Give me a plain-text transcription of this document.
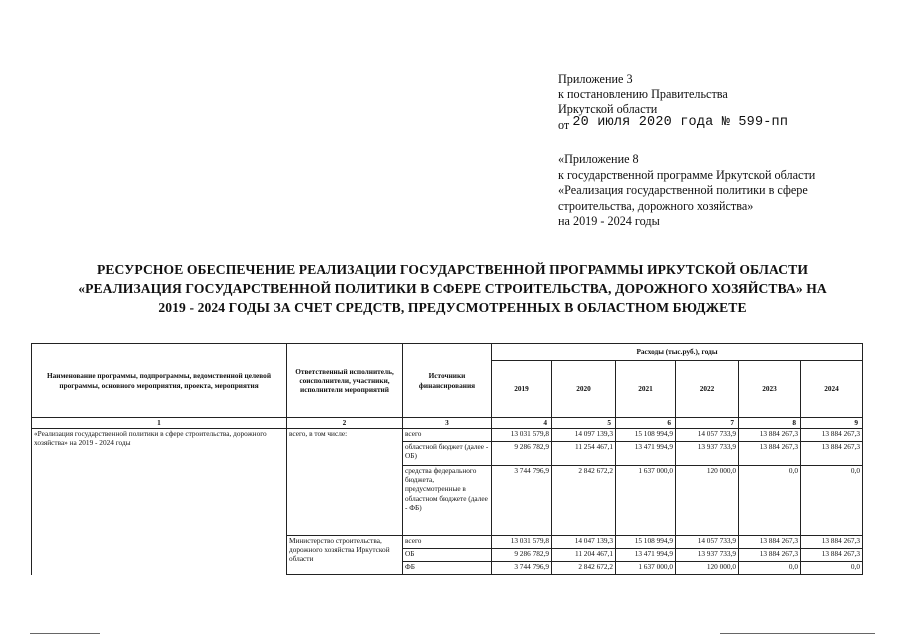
Приложение 3
к постановлению Правительства
Иркутской области
от 20 июля 2020 года № 599-пп
«Приложение 8
к государственной программе Иркутской области
«Реализация государственной политики в сфере
строительства, дорожного хозяйства»
на 2019 - 2024 годы
РЕСУРСНОЕ ОБЕСПЕЧЕНИЕ РЕАЛИЗАЦИИ ГОСУДАРСТВЕННОЙ ПРОГРАММЫ ИРКУТСКОЙ ОБЛАСТИ
«РЕАЛИЗАЦИЯ ГОСУДАРСТВЕННОЙ ПОЛИТИКИ В СФЕРЕ СТРОИТЕЛЬСТВА, ДОРОЖНОГО ХОЗЯЙСТВА» НА
2019 - 2024 ГОДЫ ЗА СЧЕТ СРЕДСТВ, ПРЕДУСМОТРЕННЫХ В ОБЛАСТНОМ БЮДЖЕТЕ
Наименование программы, подпрограммы, ведомственной целевой программы, основного мероприятия, проекта, мероприятия	Ответственный исполнитель, соисполнители, участники, исполнители мероприятий	Источники финансирования	Расходы (тыс.руб.), годы					
			2019	2020	2021	2022	2023	2024
1	2	3	4	5	6	7	8	9
«Реализация государственной политики в сфере строительства, дорожного хозяйства» на 2019 - 2024 годы	всего, в том числе:	всего	13 031 579,8	14 097 139,3	15 108 994,9	14 057 733,9	13 884 267,3	13 884 267,3
		областной бюджет (далее - ОБ)	9 286 782,9	11 254 467,1	13 471 994,9	13 937 733,9	13 884 267,3	13 884 267,3
		средства федерального бюджета, предусмотренные в областном бюджете (далее - ФБ)	3 744 796,9	2 842 672,2	1 637 000,0	120 000,0	0,0	0,0
	Министерство строительства, дорожного хозяйства Иркутской области	всего	13 031 579,8	14 047 139,3	15 108 994,9	14 057 733,9	13 884 267,3	13 884 267,3
		ОБ	9 286 782,9	11 204 467,1	13 471 994,9	13 937 733,9	13 884 267,3	13 884 267,3
		ФБ	3 744 796,9	2 842 672,2	1 637 000,0	120 000,0	0,0	0,0
